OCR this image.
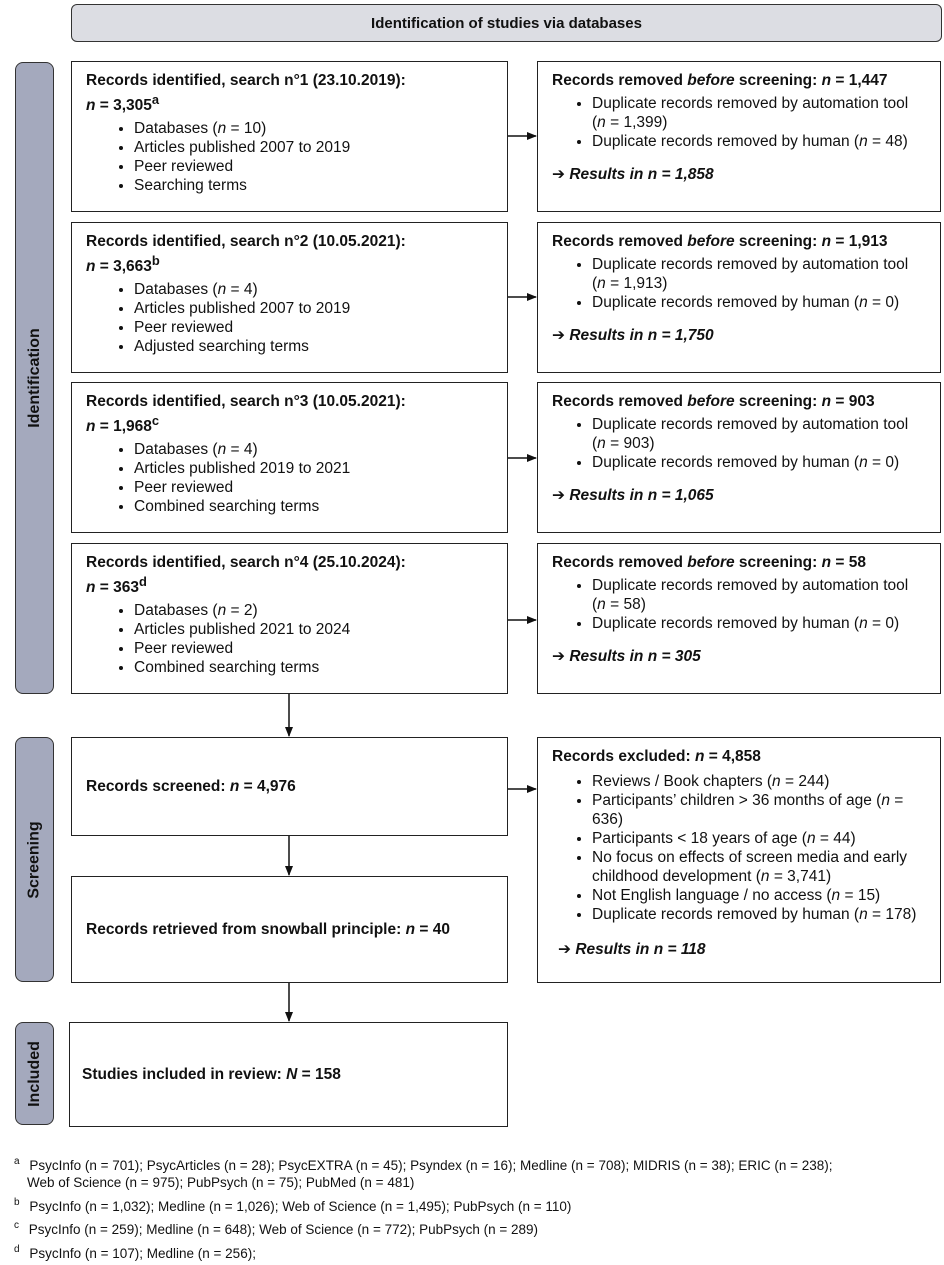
Identification of studies via databases
Identification
Screening
Included
Records identified, search n°1 (23.10.2019):
n = 3,305$^a$
• Databases (n = 10)
• Articles published 2007 to 2019
• Peer reviewed
• Searching terms
Records identified, search n°2 (10.05.2021):
n = 3,663$^b$
• Databases (n = 4)
• Articles published 2007 to 2019
• Peer reviewed
• Adjusted searching terms
Records identified, search n°3 (10.05.2021):
n = 1,968$^c$
• Databases (n = 4)
• Articles published 2019 to 2021
• Peer reviewed
• Combined searching terms
Records identified, search n°4 (25.10.2024):
$n = 363^d$
• Databases (n = 2)
• Articles published 2021 to 2024
• Peer reviewed
• Combined searching terms
Records removed before screening: n = 1,447
• Duplicate records removed by automation tool (n = 1,399)
• Duplicate records removed by human (n = 48)
➔ Results in n = 1,858
Records removed before screening: n = 1,913
• Duplicate records removed by automation tool (n = 1,913)
• Duplicate records removed by human (n = 0)
➔ Results in n = 1,750
Records removed before screening: n = 903
• Duplicate records removed by automation tool (n = 903)
• Duplicate records removed by human (n = 0)
➔ Results in n = 1,065
Records removed before screening: n = 58
• Duplicate records removed by automation tool (n = 58)
• Duplicate records removed by human (n = 0)
➔ Results in n = 305
Records screened: n = 4,976
Records retrieved from snowball principle: n = 40
Records excluded: n = 4,858
• Reviews / Book chapters (n = 244)
• Participants’ children > 36 months of age (n = 636)
• Participants < 18 years of age (n = 44)
• No focus on effects of screen media and early childhood development (n = 3,741)
• Not English language / no access (n = 15)
• Duplicate records removed by human (n = 178)
➔ Results in n = 118
Studies included in review: N = 158
$^a$ PsycInfo (n = 701); PsycArticles (n = 28); PsycEXTRA (n = 45); Psyndex (n = 16); Medline (n = 708); MIDRIS (n = 38); ERIC (n = 238);
Web of Science (n = 975); PubPsych (n = 75); PubMed (n = 481)
$^b$ PsycInfo (n = 1,032); Medline (n = 1,026); Web of Science (n = 1,495); PubPsych (n = 110)
$^c$ PsycInfo (n = 259); Medline (n = 648); Web of Science (n = 772); PubPsych (n = 289)
$^d$ PsycInfo (n = 107); Medline (n = 256);
